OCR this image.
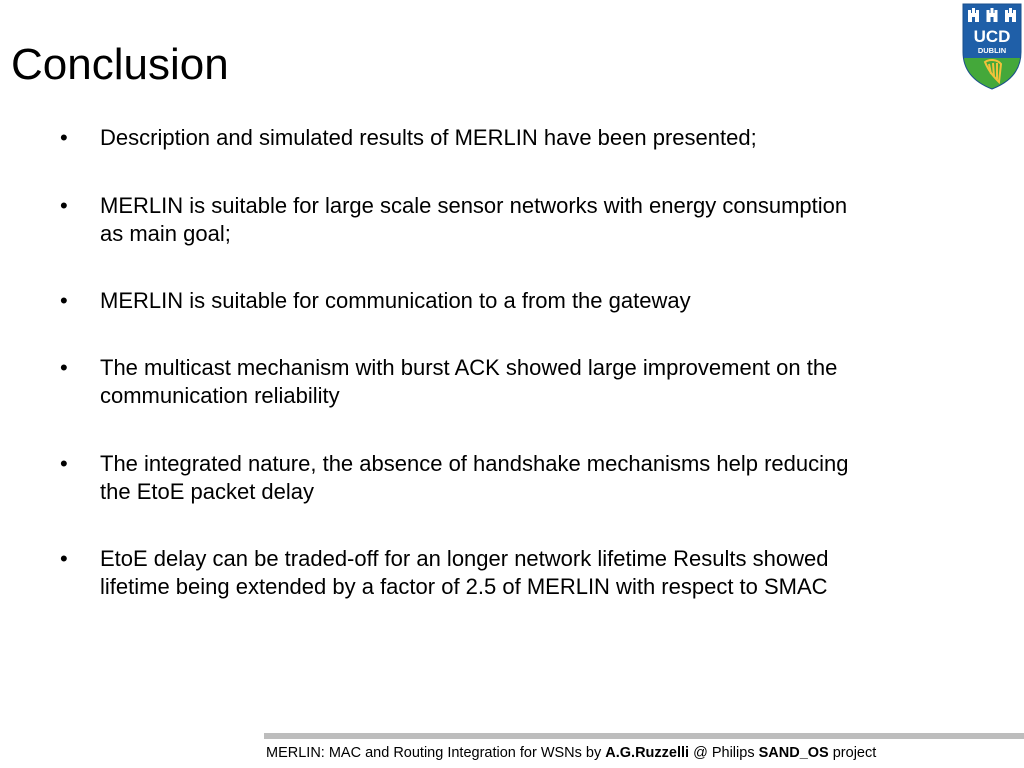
Conclusion
UCD
DUBLIN
•	Description and simulated results of MERLIN have been presented;
•	MERLIN is suitable for large scale sensor networks with energy consumption
as main goal;
•	MERLIN is suitable for communication to a from the gateway
•	The multicast mechanism with burst ACK showed large improvement on the
communication reliability
•	The integrated nature, the absence of handshake mechanisms help reducing
the EtoE packet delay
•	EtoE delay can be traded-off for an longer network lifetime Results showed
lifetime being extended by a factor of 2.5 of MERLIN with respect to SMAC
MERLIN: MAC and Routing Integration for WSNs by A.G.Ruzzelli @ Philips SAND_OS project
